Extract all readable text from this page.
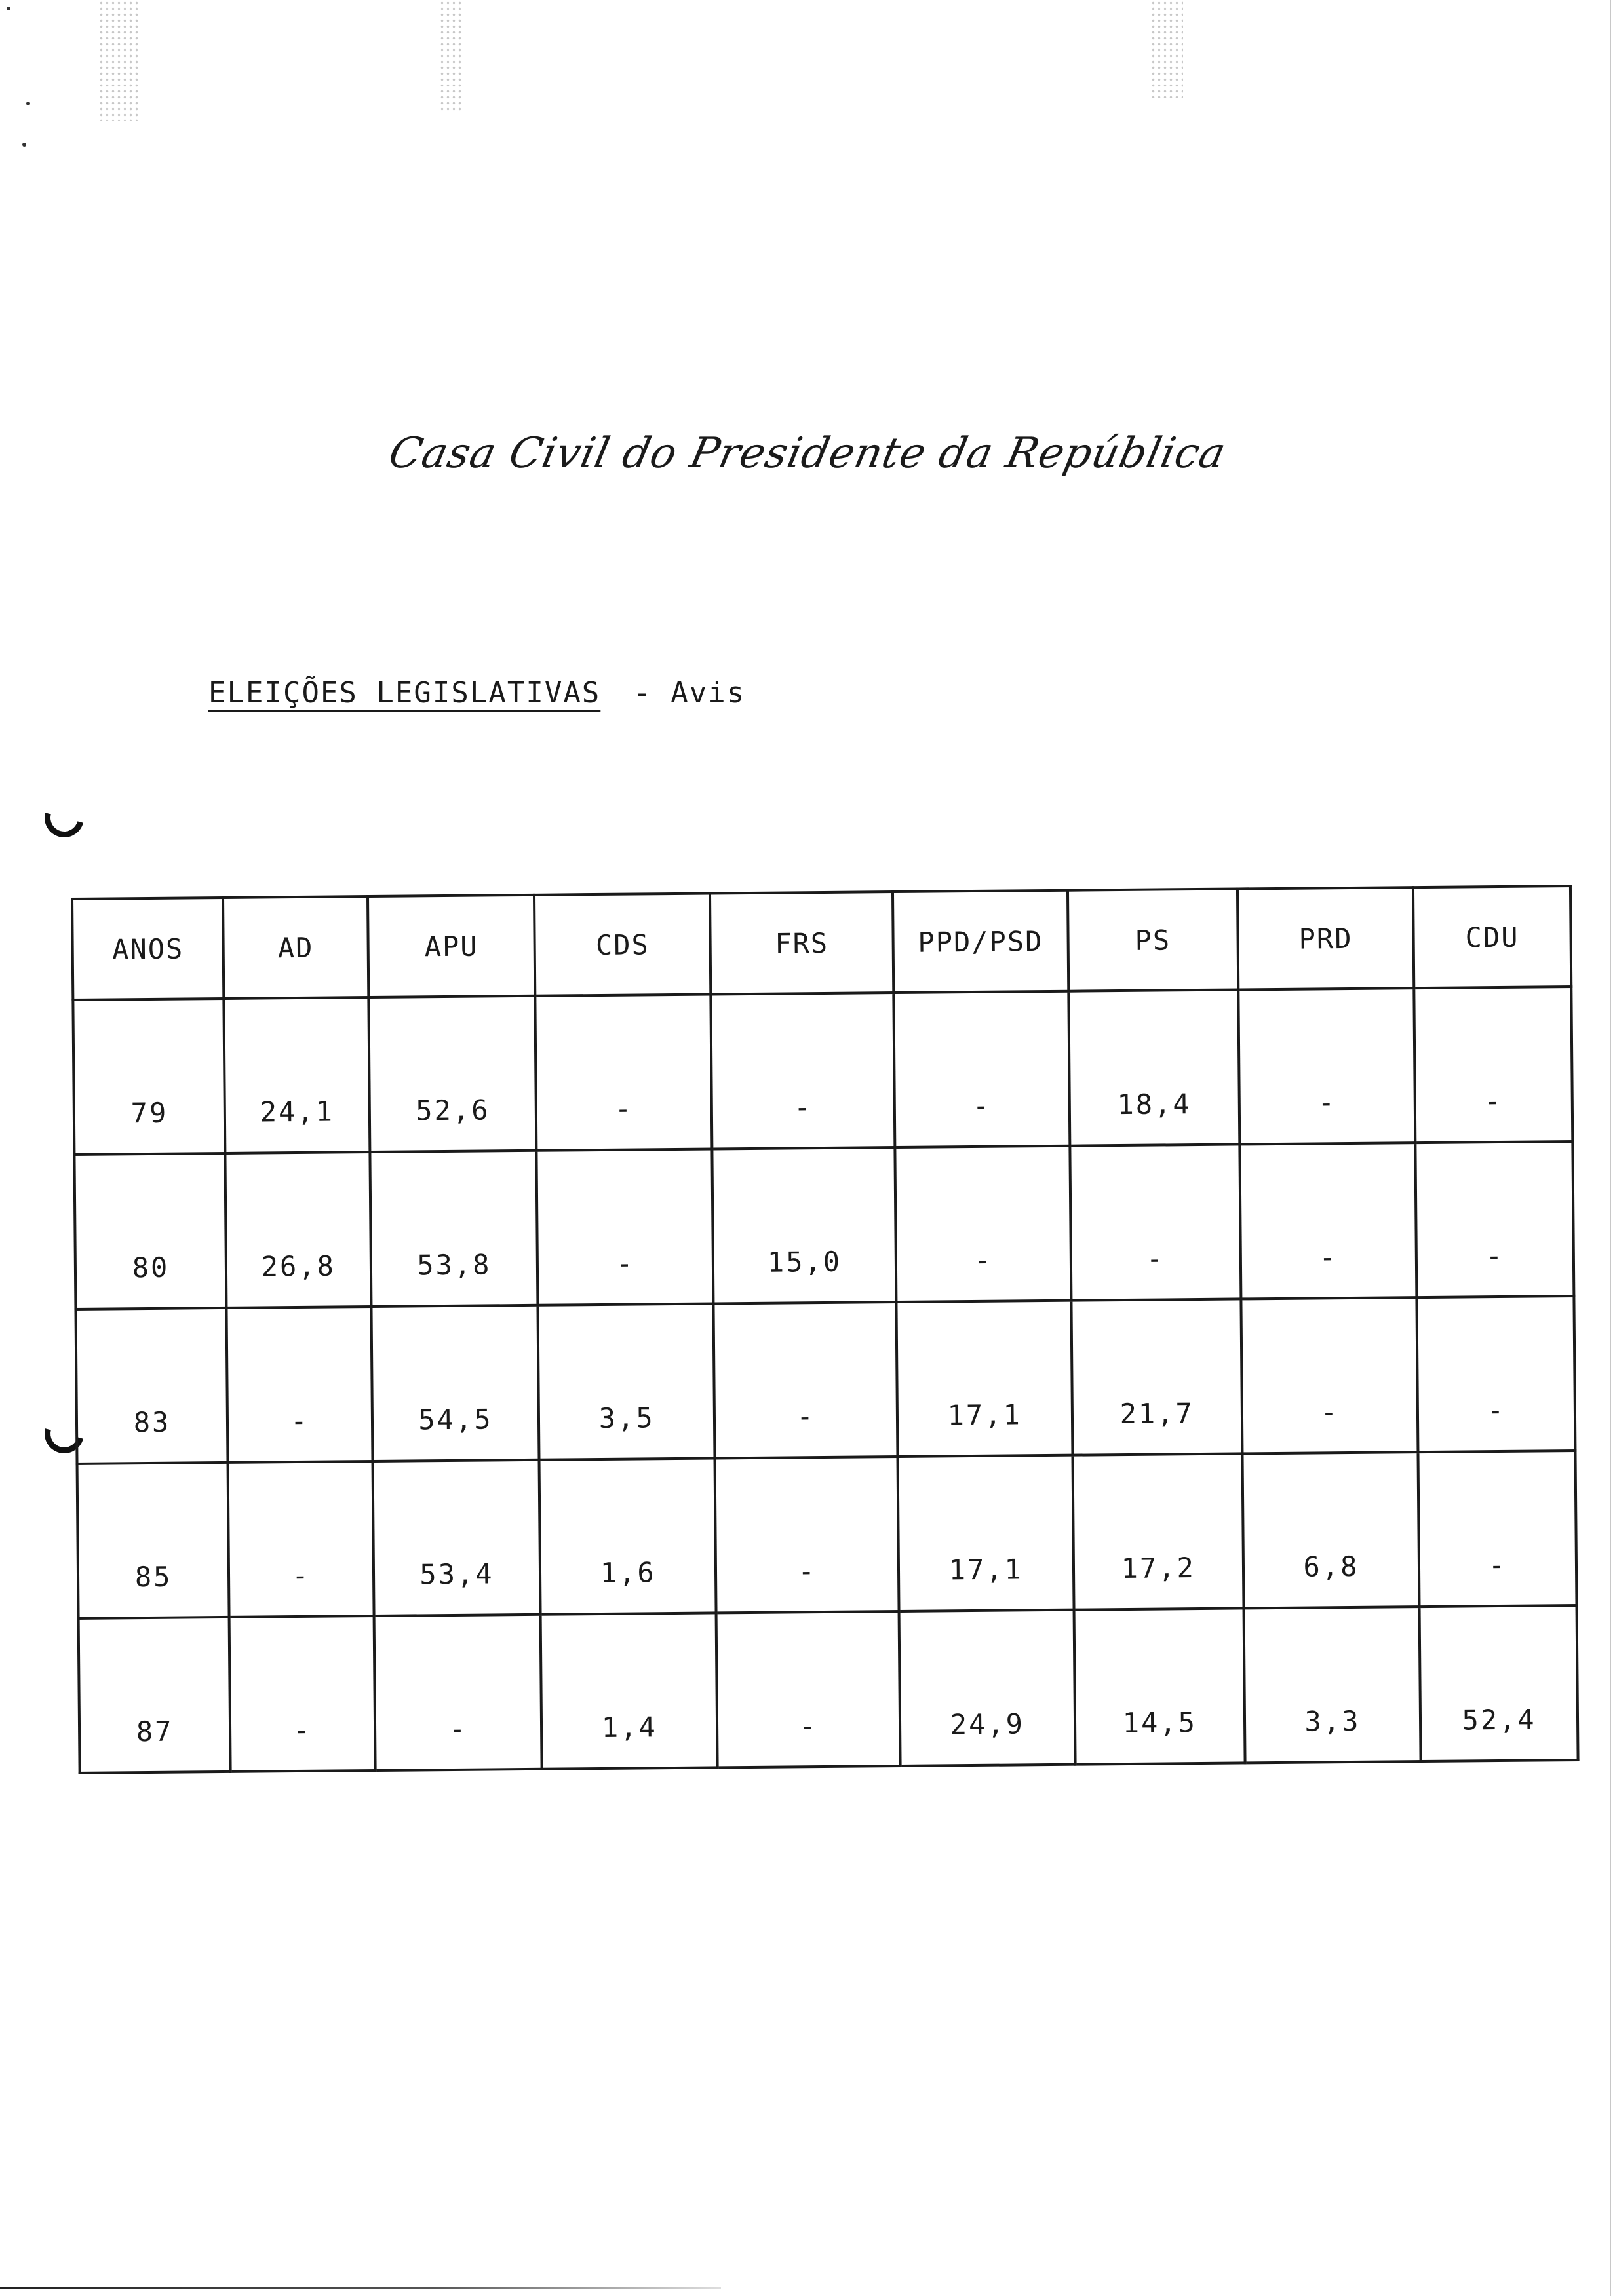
Casa Civil do Presidente da República
ELEIÇÕES LEGISLATIVAS - Avis
ANOS	AD	APU	CDS	FRS	PPD/PSD	PS	PRD	CDU
79	24,1	52,6	-	-	-	18,4	-	-
80	26,8	53,8	-	15,0	-	-	-	-
83	-	54,5	3,5	-	17,1	21,7	-	-
85	-	53,4	1,6	-	17,1	17,2	6,8	-
87	-	-	1,4	-	24,9	14,5	3,3	52,4
